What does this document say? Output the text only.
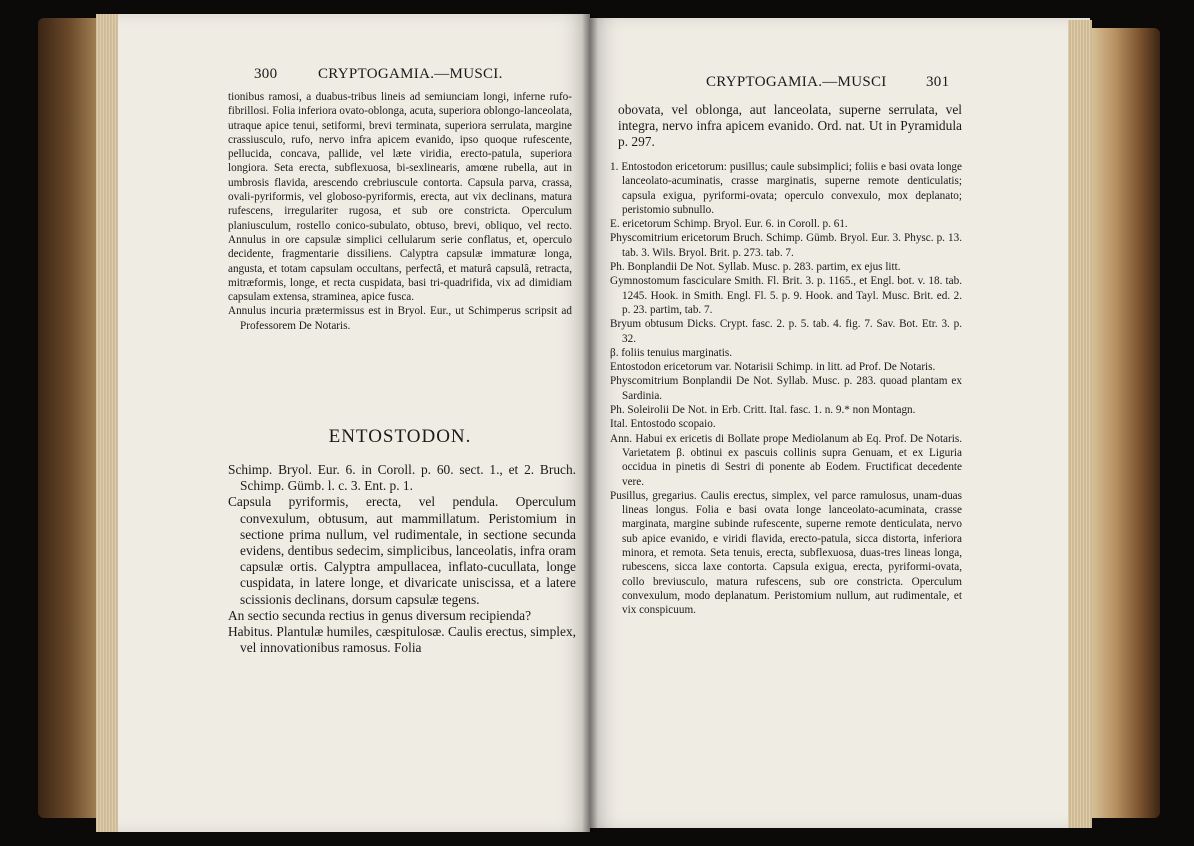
300	CRYPTOGAMIA.—MUSCI.

tionibus ramosi, a duabus-tribus lineis ad semiunciam longi, inferne rufo-fibrillosi. Folia inferiora ovato-oblonga, acuta, superiora oblongo-lanceolata, utraque apice tenui, setiformi, brevi terminata, superiora serrulata, margine crassiusculo, rufo, nervo infra apicem evanido, ipso quoque rufescente, pellucida, concava, pallide, vel læte viridia, erecto-patula, superiora longiora. Seta erecta, subflexuosa, bi-sexlinearis, amœne rubella, aut in umbrosis flavida, arescendo crebriuscule contorta. Capsula parva, crassa, ovali-pyriformis, vel globoso-pyriformis, erecta, aut vix declinans, matura rufescens, irregulariter rugosa, et sub ore constricta. Operculum planiusculum, rostello conico-subulato, obtuso, brevi, obliquo, vel recto. Annulus in ore capsulæ simplici cellularum serie conflatus, et, operculo decidente, fragmentarie dissiliens. Calyptra capsulæ immaturæ longa, angusta, et totam capsulam occultans, perfectâ, et maturâ capsulâ, retracta, mitræformis, longe, et recta cuspidata, basi tri-quadrifida, vix ad dimidiam capsulam extensa, straminea, apice fusca.

Annulus incuria prætermissus est in Bryol. Eur., ut Schimperus scripsit ad Professorem De Notaris.

ENTOSTODON.

Schimp. Bryol. Eur. 6. in Coroll. p. 60. sect. 1., et 2. Bruch. Schimp. Gümb. l. c. 3. Ent. p. 1.

Capsula pyriformis, erecta, vel pendula. Operculum convexulum, obtusum, aut mammillatum. Peristomium in sectione prima nullum, vel rudimentale, in sectione secunda evidens, dentibus sedecim, simplicibus, lanceolatis, infra oram capsulæ ortis. Calyptra ampullacea, inflato-cucullata, longe cuspidata, in latere longe, et divaricate uniscissa, et a latere scissionis declinans, dorsum capsulæ tegens.

An sectio secunda rectius in genus diversum recipienda?

Habitus. Plantulæ humiles, cæspitulosæ. Caulis erectus, simplex, vel innovationibus ramosus. Folia

CRYPTOGAMIA.—MUSCI	301
obovata, vel oblonga, aut lanceolata, superne serrulata, vel integra, nervo infra apicem evanido. Ord. nat. Ut in Pyramidula p. 297.

1. Entostodon ericetorum: pusillus; caule subsimplici; foliis e basi ovata longe lanceolato-acuminatis, crasse marginatis, superne remote denticulatis; capsula exigua, pyriformi-ovata; operculo convexulo, mox deplanato; peristomio subnullo.

E. ericetorum Schimp. Bryol. Eur. 6. in Coroll. p. 61.

Physcomitrium ericetorum Bruch. Schimp. Gümb. Bryol. Eur. 3. Physc. p. 13. tab. 3. Wils. Bryol. Brit. p. 273. tab. 7.

Ph. Bonplandii De Not. Syllab. Musc. p. 283. partim, ex ejus litt.

Gymnostomum fasciculare Smith. Fl. Brit. 3. p. 1165., et Engl. bot. v. 18. tab. 1245. Hook. in Smith. Engl. Fl. 5. p. 9. Hook. and Tayl. Musc. Brit. ed. 2. p. 23. partim, tab. 7.

Bryum obtusum Dicks. Crypt. fasc. 2. p. 5. tab. 4. fig. 7. Sav. Bot. Etr. 3. p. 32.

β. foliis tenuius marginatis.

Entostodon ericetorum var. Notarisii Schimp. in litt. ad Prof. De Notaris.

Physcomitrium Bonplandii De Not. Syllab. Musc. p. 283. quoad plantam ex Sardinia.

Ph. Soleirolii De Not. in Erb. Critt. Ital. fasc. 1. n. 9.* non Montagn.

Ital. Entostodo scopaio.

Ann. Habui ex ericetis di Bollate prope Mediolanum ab Eq. Prof. De Notaris. Varietatem β. obtinui ex pascuis collinis supra Genuam, et ex Liguria occidua in pinetis di Sestri di ponente ab Eodem. Fructificat decedente vere.

Pusillus, gregarius. Caulis erectus, simplex, vel parce ramulosus, unam-duas lineas longus. Folia e basi ovata longe lanceolato-acuminata, crasse marginata, margine subinde rufescente, superne remote denticulata, nervo sub apice evanido, e viridi flavida, erecto-patula, sicca distorta, inferiora minora, et remota. Seta tenuis, erecta, subflexuosa, duas-tres lineas longa, rubescens, sicca laxe contorta. Capsula exigua, erecta, pyriformi-ovata, collo breviusculo, matura rufescens, sub ore constricta. Operculum convexulum, modo deplanatum. Peristomium nullum, aut rudimentale, et vix conspicuum.
